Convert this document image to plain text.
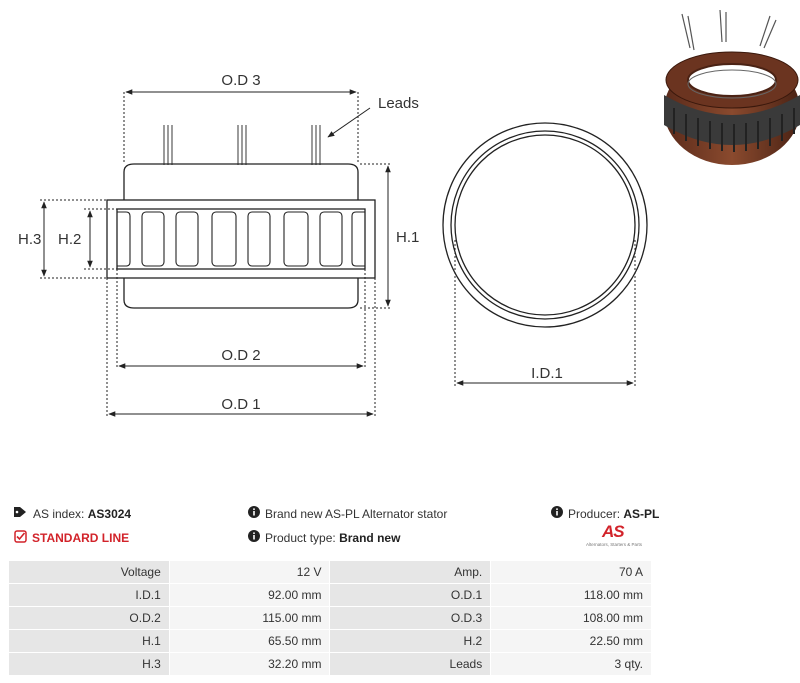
O.D 3
Leads
H.1
H.3 H.2
O.D 2
O.D 1
I.D.1
AS index:
AS3024
STANDARD LINE
Brand new AS-PL Alternator stator
Product type:
Brand new
Producer:
AS-PL
AS
Alternators, Starters & Parts
Voltage	12 V	Amp.	70 A
I.D.1	92.00 mm	O.D.1	118.00 mm
O.D.2	115.00 mm	O.D.3	108.00 mm
H.1	65.50 mm	H.2	22.50 mm
H.3	32.20 mm	Leads	3 qty.
